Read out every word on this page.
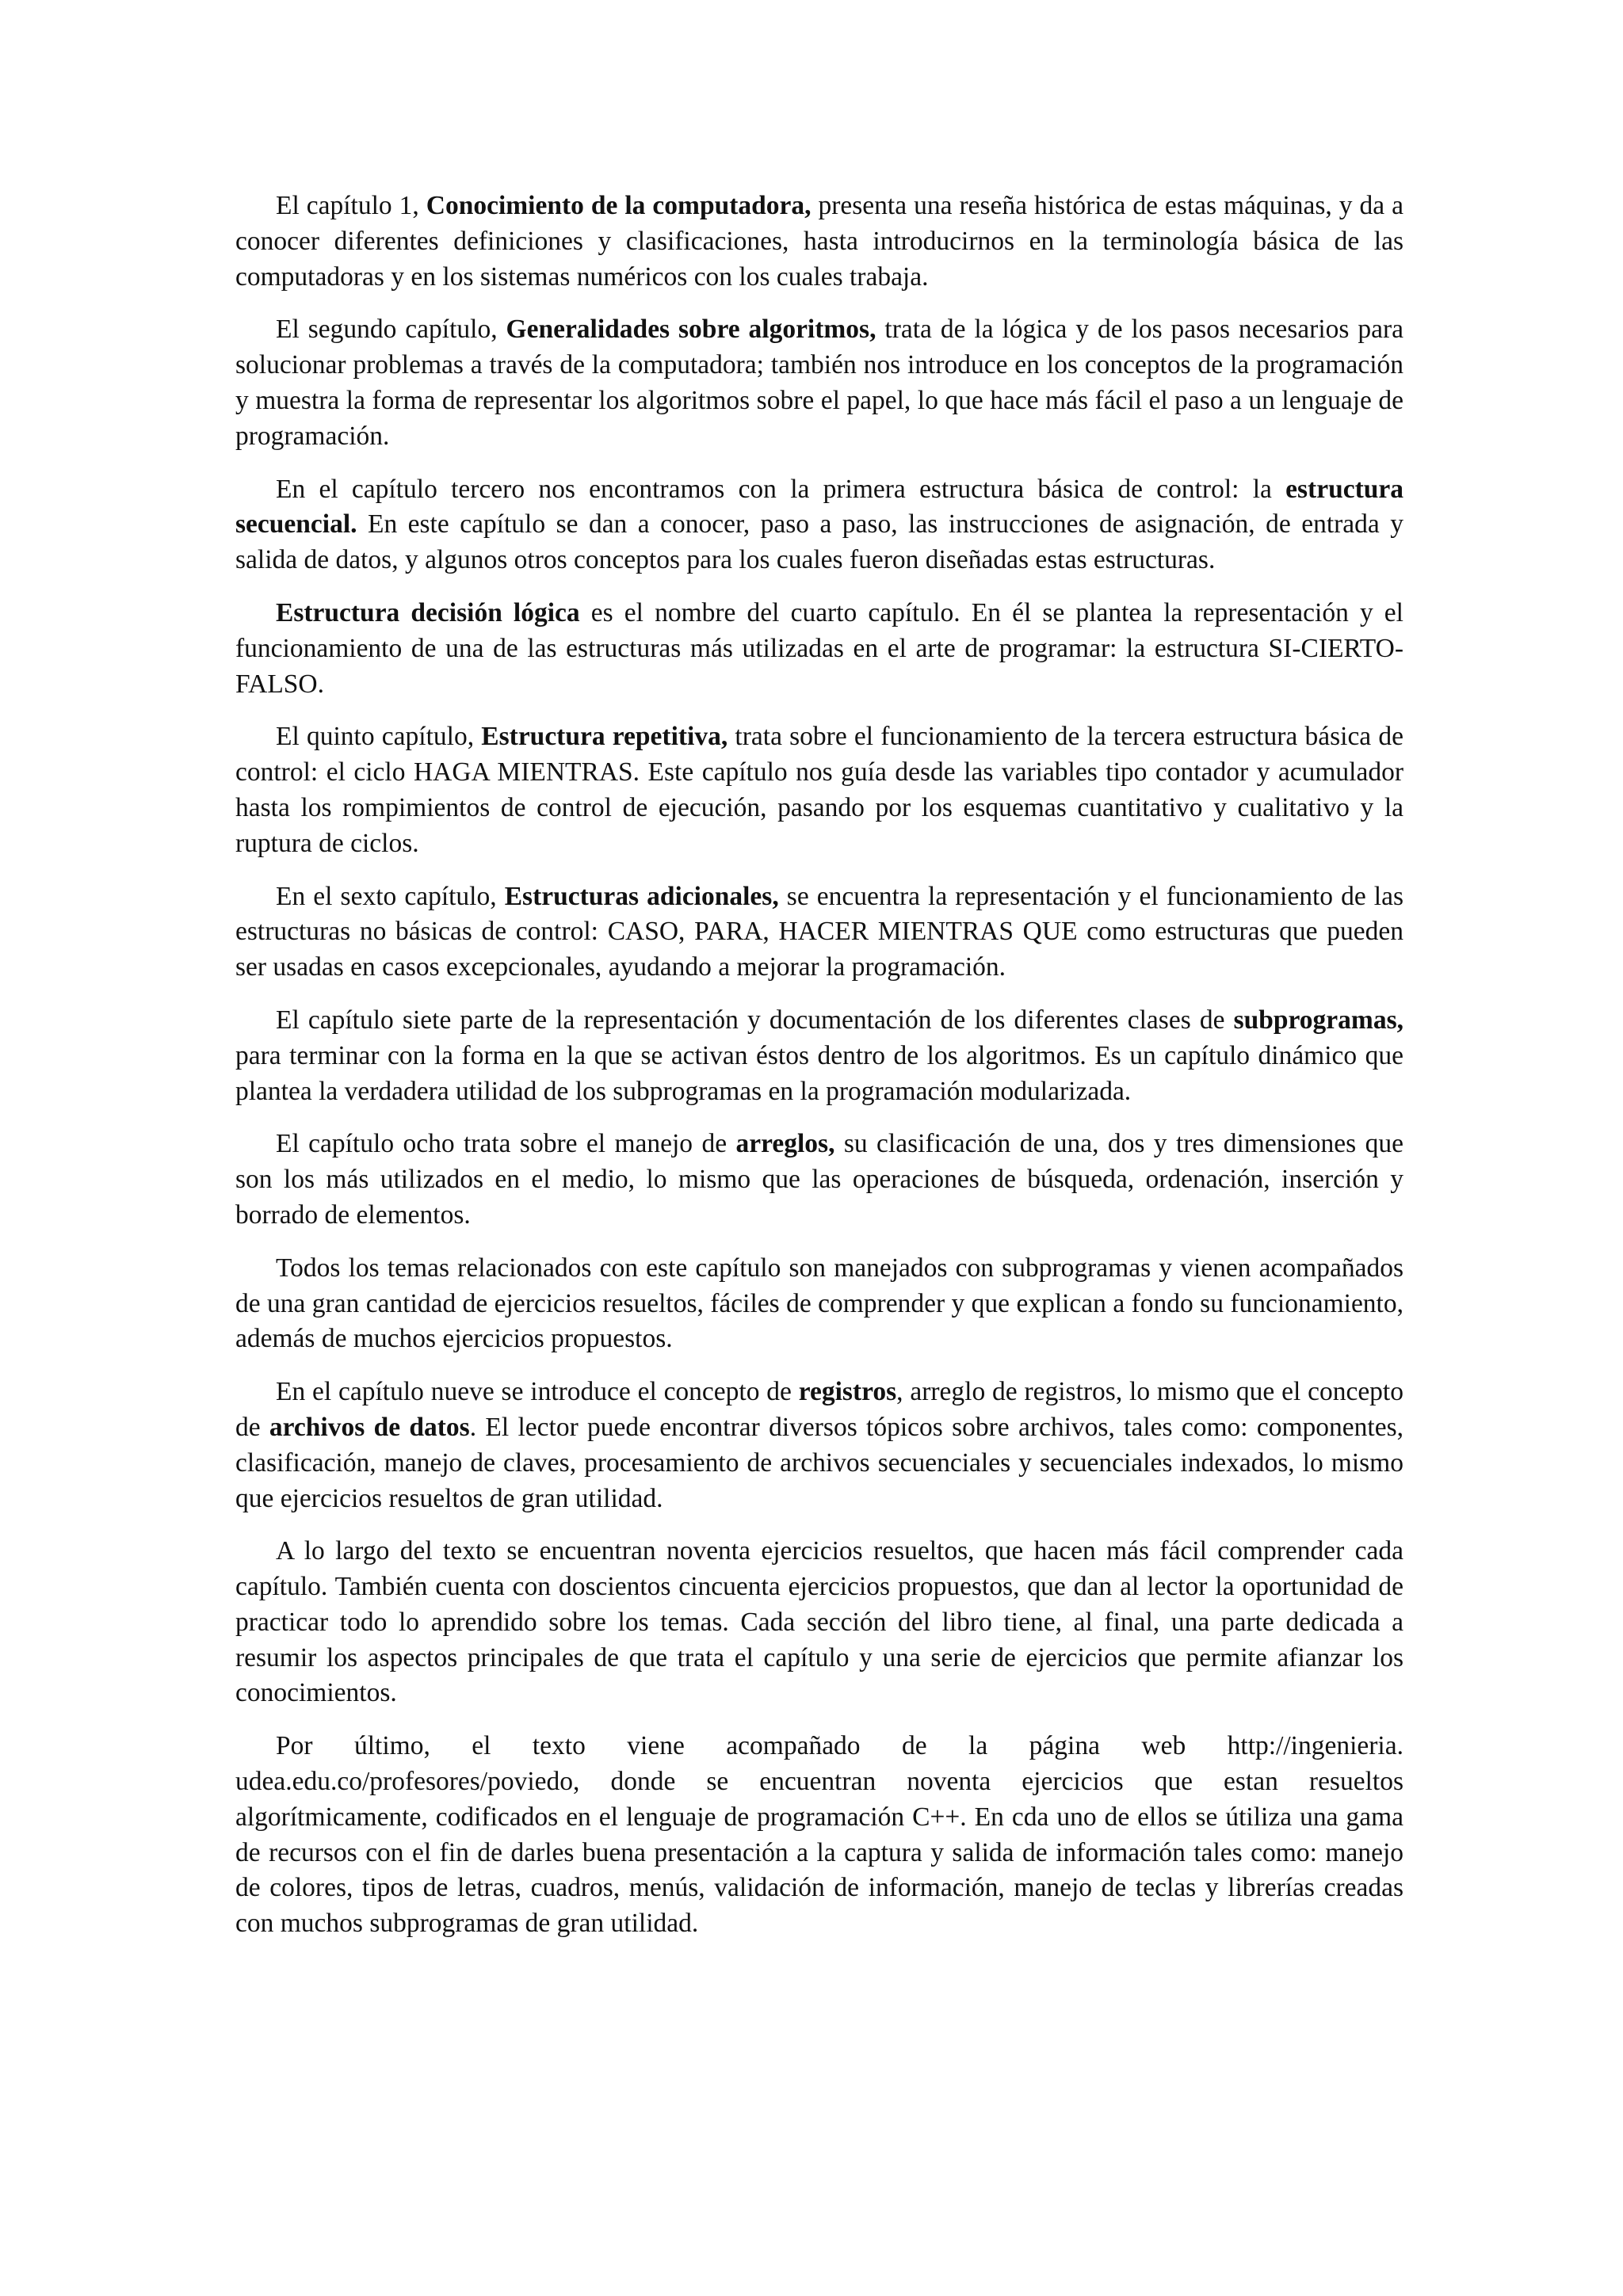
El capítulo 1, Conocimiento de la computadora, presenta una reseña histórica de estas máquinas, y da a conocer diferentes definiciones y clasificaciones, hasta introducirnos en la terminología básica de las computadoras y en los sistemas numéricos con los cuales trabaja.

El segundo capítulo, Generalidades sobre algoritmos, trata de la lógica y de los pasos necesarios para solucionar problemas a través de la computadora; también nos introduce en los conceptos de la programación y muestra la forma de representar los algoritmos sobre el papel, lo que hace más fácil el paso a un lenguaje de programación.

En el capítulo tercero nos encontramos con la primera estructura básica de control: la estructura secuencial. En este capítulo se dan a conocer, paso a paso, las instrucciones de asignación, de entrada y salida de datos, y algunos otros conceptos para los cuales fueron diseñadas estas estructuras.

Estructura decisión lógica es el nombre del cuarto capítulo. En él se plantea la representación y el funcionamiento de una de las estructuras más utilizadas en el arte de programar: la estructura SI-CIERTO-FALSO.

El quinto capítulo, Estructura repetitiva, trata sobre el funcionamiento de la tercera estructura básica de control: el ciclo HAGA MIENTRAS. Este capítulo nos guía desde las variables tipo contador y acumulador hasta los rompimientos de control de ejecución, pasando por los esquemas cuantitativo y cualitativo y la ruptura de ciclos.

En el sexto capítulo, Estructuras adicionales, se encuentra la representación y el funcionamiento de las estructuras no básicas de control: CASO, PARA, HACER MIENTRAS QUE como estructuras que pueden ser usadas en casos excepcionales, ayudando a mejorar la programación.

El capítulo siete parte de la representación y documentación de los diferentes clases de subprogramas, para terminar con la forma en la que se activan éstos dentro de los algoritmos. Es un capítulo dinámico que plantea la verdadera utilidad de los subprogramas en la programación modularizada.

El capítulo ocho trata sobre el manejo de arreglos, su clasificación de una, dos y tres dimensiones que son los más utilizados en el medio, lo mismo que las operaciones de búsqueda, ordenación, inserción y borrado de elementos.

Todos los temas relacionados con este capítulo son manejados con subprogramas y vienen acompañados de una gran cantidad de ejercicios resueltos, fáciles de comprender y que explican a fondo su funcionamiento, además de muchos ejercicios propuestos.

En el capítulo nueve se introduce el concepto de registros, arreglo de registros, lo mismo que el concepto de archivos de datos. El lector puede encontrar diversos tópicos sobre archivos, tales como: componentes, clasificación, manejo de claves, procesamiento de archivos secuenciales y secuenciales indexados, lo mismo que ejercicios resueltos de gran utilidad.

A lo largo del texto se encuentran noventa ejercicios resueltos, que hacen más fácil comprender cada capítulo. También cuenta con doscientos cincuenta ejercicios propuestos, que dan al lector la oportunidad de practicar todo lo aprendido sobre los temas. Cada sección del libro tiene, al final, una parte dedicada a resumir los aspectos principales de que trata el capítulo y una serie de ejercicios que permite afianzar los conocimientos.

Por último, el texto viene acompañado de la página web http://ingenieria. udea.edu.co/profesores/poviedo, donde se encuentran noventa ejercicios que estan resueltos algorítmicamente, codificados en el lenguaje de programación C++. En cda uno de ellos se útiliza una gama de recursos con el fin de darles buena presentación a la captura y salida de información tales como: manejo de colores, tipos de letras, cuadros, menús, validación de información, manejo de teclas y librerías creadas con muchos subprogramas de gran utilidad.
